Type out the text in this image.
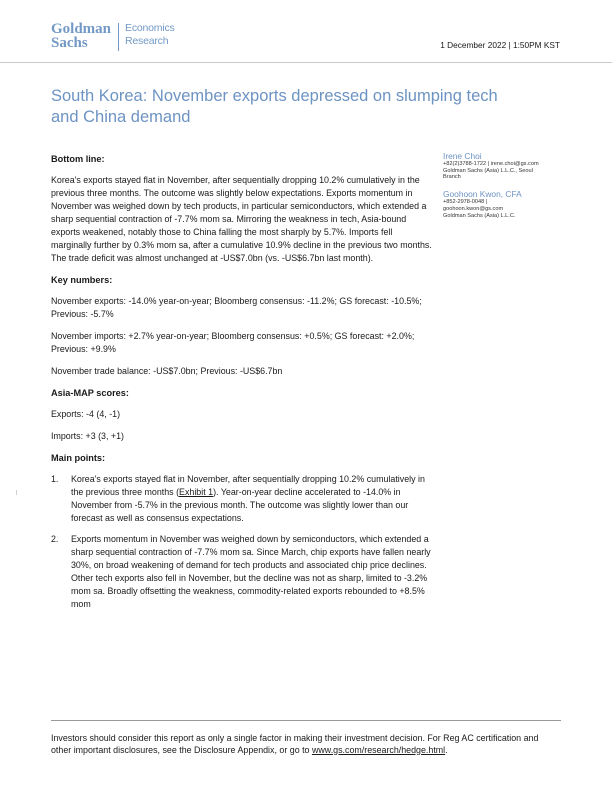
Goldman
Sachs
Economics
Research	1 December 2022 | 1:50PM KST
South Korea: November exports depressed on slumping tech and China demand
Irene Choi
+82(2)3788-1722 | irene.choi@gs.com
Goldman Sachs (Asia) L.L.C., Seoul
Branch
Goohoon Kwon, CFA
+852-2978-0048 |
goohoon.kwon@gs.com
Goldman Sachs (Asia) L.L.C.
Bottom line:

Korea's exports stayed flat in November, after sequentially dropping 10.2% cumulatively in the previous three months. The outcome was slightly below expectations. Exports momentum in November was weighed down by tech products, in particular semiconductors, which extended a sharp sequential contraction of -7.7% mom sa. Mirroring the weakness in tech, Asia-bound exports weakened, notably those to China falling the most sharply by 5.7%. Imports fell marginally further by 0.3% mom sa, after a cumulative 10.9% decline in the previous two months. The trade deficit was almost unchanged at -US$7.0bn (vs. -US$6.7bn last month).

Key numbers:

November exports: -14.0% year-on-year; Bloomberg consensus: -11.2%; GS forecast: -10.5%; Previous: -5.7%

November imports: +2.7% year-on-year; Bloomberg consensus: +0.5%; GS forecast: +2.0%; Previous: +9.9%

November trade balance: -US$7.0bn; Previous: -US$6.7bn

Asia-MAP scores:

Exports: -4 (4, -1)

Imports: +3 (3, +1)

Main points:
1. Korea's exports stayed flat in November, after sequentially dropping 10.2% cumulatively in the previous three months (Exhibit 1). Year-on-year decline accelerated to -14.0% in November from -5.7% in the previous month. The outcome was slightly lower than our forecast as well as consensus expectations.
2. Exports momentum in November was weighed down by semiconductors, which extended a sharp sequential contraction of -7.7% mom sa. Since March, chip exports have fallen nearly 30%, on broad weakening of demand for tech products and associated chip price declines. Other tech exports also fell in November, but the decline was not as sharp, limited to -3.2% mom sa. Broadly offsetting the weakness, commodity-related exports rebounded to +8.5% mom
Investors should consider this report as only a single factor in making their investment decision. For Reg AC certification and other important disclosures, see the Disclosure Appendix, or go to www.gs.com/research/hedge.html.
